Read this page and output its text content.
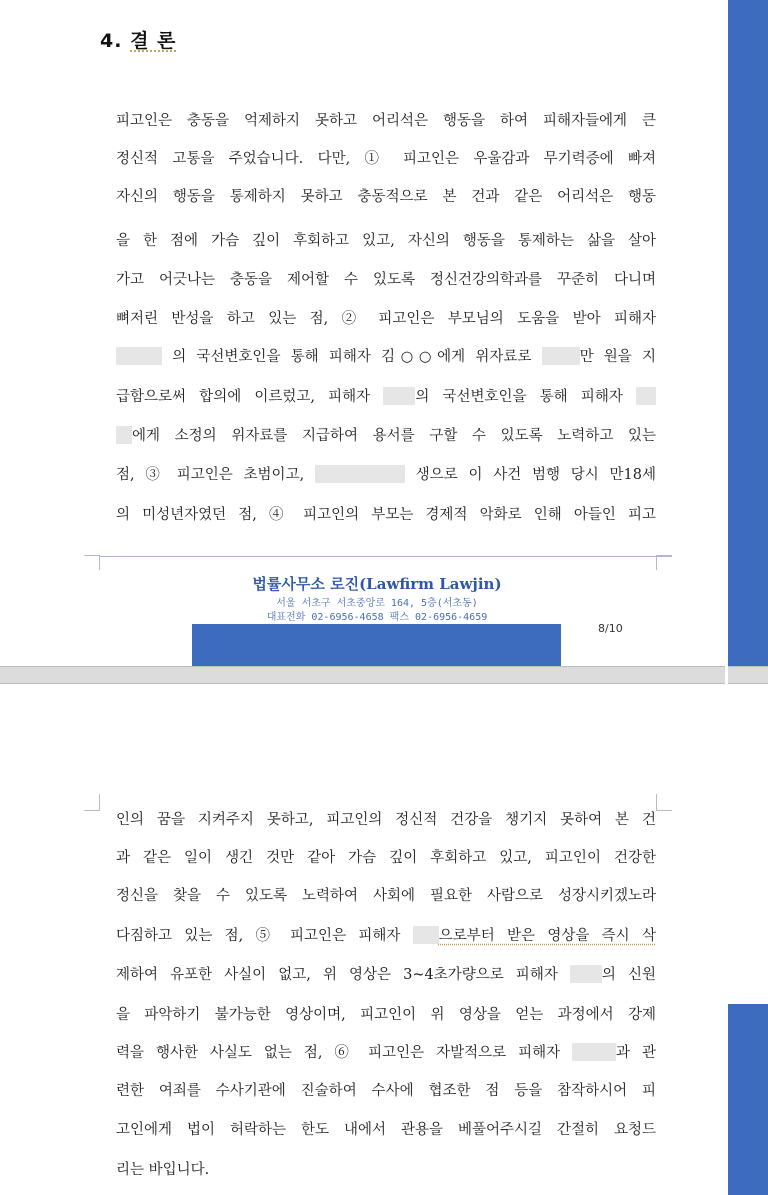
4. 결 론
피고인은 충동을 억제하지 못하고 어리석은 행동을 하여 피해자들에게 큰
정신적 고통을 주었습니다. 다만, ① 피고인은 우울감과 무기력증에 빠져
자신의 행동을 통제하지 못하고 충동적으로 본 건과 같은 어리석은 행동
을 한 점에 가슴 깊이 후회하고 있고, 자신의 행동을 통제하는 삶을 살아
가고 어긋나는 충동을 제어할 수 있도록 정신건강의학과를 꾸준히 다니며
뼈저린 반성을 하고 있는 점, ② 피고인은 부모님의 도움을 받아 피해자
의 국선변호인을 통해 피해자 김○○에게 위자료로	만 원을 지
급함으로써 합의에 이르렀고, 피해자 의 국선변호인을 통해 피해자
에게 소정의 위자료를 지급하여 용서를 구할 수 있도록 노력하고 있는
점, ③ 피고인은 초범이고,	생으로 이 사건 범행 당시 만18세
의 미성년자였던 점, ④ 피고인의 부모는 경제적 악화로 인해 아들인 피고
법률사무소 로진(Lawfirm Lawjin)
서울 서초구 서초중앙로 164, 5층(서초동)
대표전화 02-6956-4658 팩스 02-6956-4659
8/10
인의 꿈을 지켜주지 못하고, 피고인의 정신적 건강을 챙기지 못하여 본 건
과 같은 일이 생긴 것만 같아 가슴 깊이 후회하고 있고, 피고인이 건강한
정신을 찾을 수 있도록 노력하여 사회에 필요한 사람으로 성장시키겠노라
다짐하고 있는 점, ⑤ 피고인은 피해자 으로부터 받은 영상을 즉시 삭
제하여 유포한 사실이 없고, 위 영상은 3~4초가량으로 피해자 의 신원
을 파악하기 불가능한 영상이며, 피고인이 위 영상을 얻는 과정에서 강제
력을 행사한 사실도 없는 점, ⑥ 피고인은 자발적으로 피해자	과 관
련한 여죄를 수사기관에 진술하여 수사에 협조한 점 등을 참작하시어 피
고인에게 법이 허락하는 한도 내에서 관용을 베풀어주시길 간절히 요청드
리는 바입니다.
